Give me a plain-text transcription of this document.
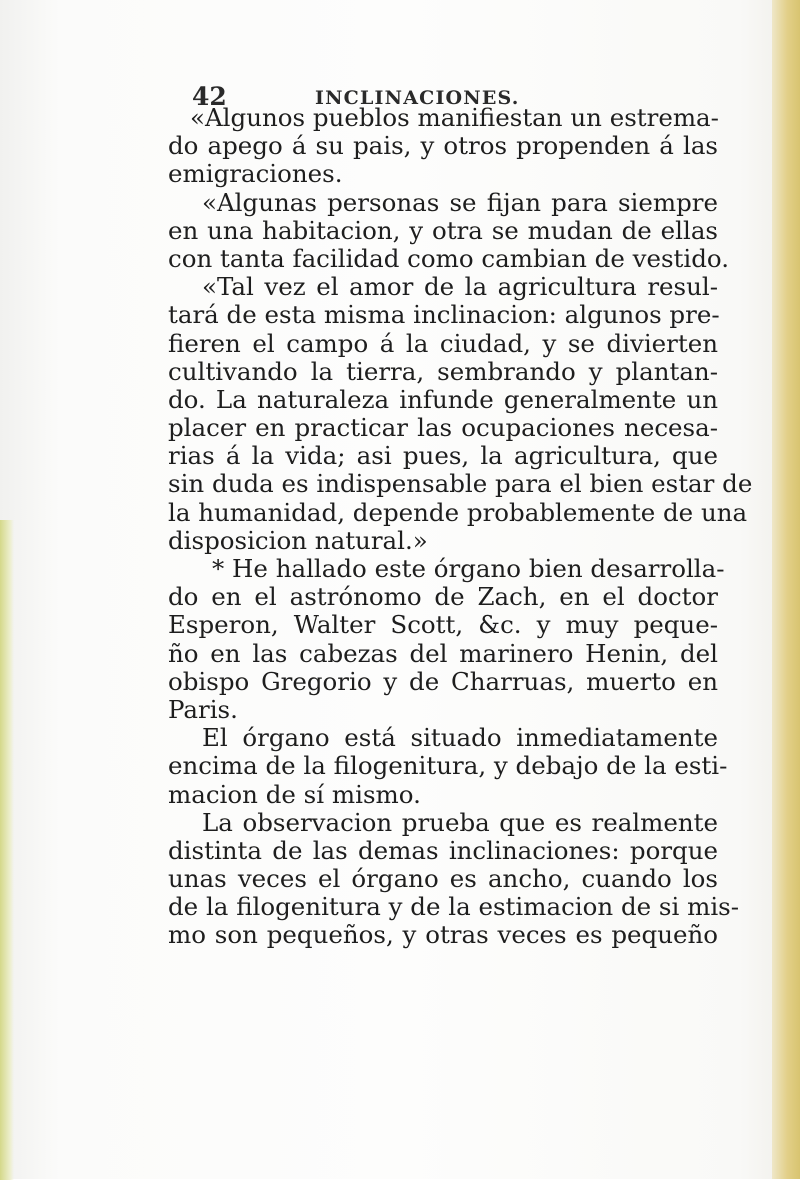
42	INCLINACIONES.
«Algunos pueblos manifiestan un estrema-
do apego á su pais, y otros propenden á las
emigraciones.
«Algunas personas se fijan para siempre
en una habitacion, y otra se mudan de ellas
con tanta facilidad como cambian de vestido.
«Tal vez el amor de la agricultura resul-
tará de esta misma inclinacion: algunos pre-
fieren el campo á la ciudad, y se divierten
cultivando la tierra, sembrando y plantan-
do. La naturaleza infunde generalmente un
placer en practicar las ocupaciones necesa-
rias á la vida; asi pues, la agricultura, que
sin duda es indispensable para el bien estar de
la humanidad, depende probablemente de una
disposicion natural.»
* He hallado este órgano bien desarrolla-
do en el astrónomo de Zach, en el doctor
Esperon, Walter Scott, &c. y muy peque-
ño en las cabezas del marinero Henin, del
obispo Gregorio y de Charruas, muerto en
Paris.
El órgano está situado inmediatamente
encima de la filogenitura, y debajo de la esti-
macion de sí mismo.
La observacion prueba que es realmente
distinta de las demas inclinaciones: porque
unas veces el órgano es ancho, cuando los
de la filogenitura y de la estimacion de si mis-
mo son pequeños, y otras veces es pequeño
